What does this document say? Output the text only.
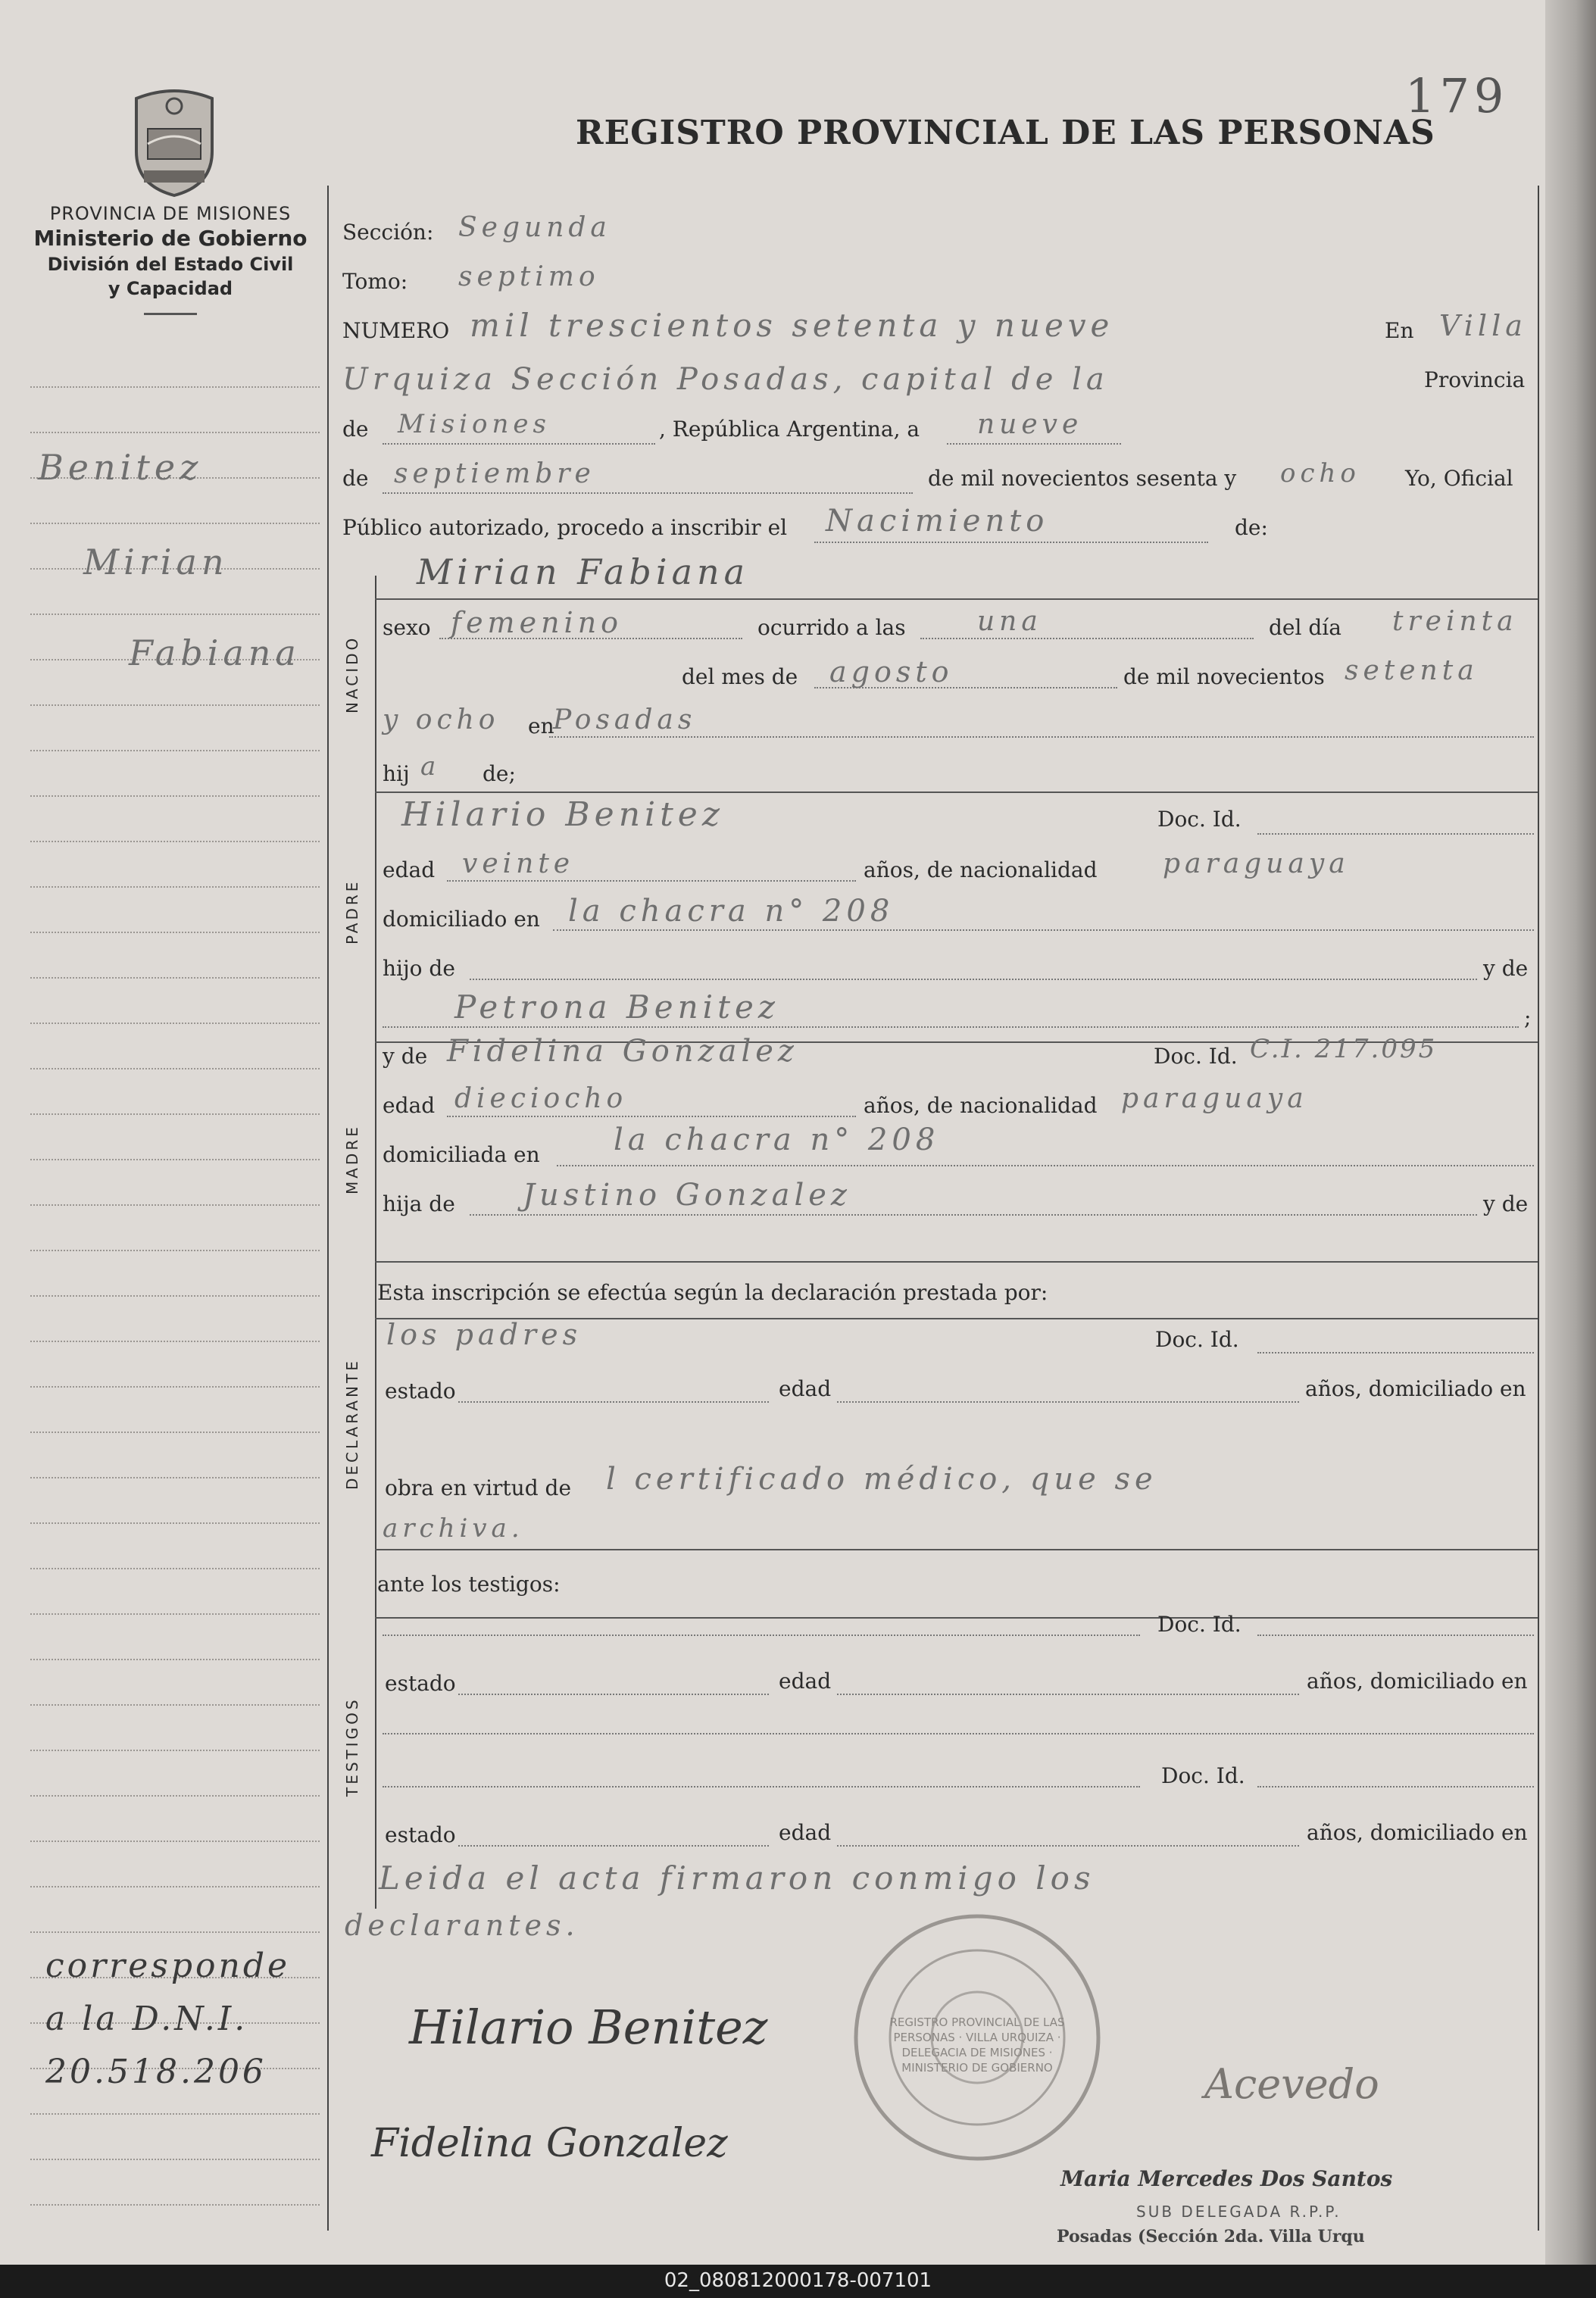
179
REGISTRO PROVINCIAL DE LAS PERSONAS
PROVINCIA DE MISIONES
Ministerio de Gobierno
División del Estado Civil
y Capacidad
Benitez
Mirian
Fabiana
corresponde
a la D.N.I.
20.518.206
Sección: Segunda
Tomo: septimo
NUMERO mil trescientos setenta y nueve	En Villa
Urquiza Sección Posadas, capital de la	Provincia
de Misiones	, República Argentina, a nueve
de septiembre	de mil novecientos sesenta y ocho Yo, Oficial
Público autorizado, procedo a inscribir el Nacimiento	de:
Mirian Fabiana
NACIDO
sexo femenino	ocurrido a las	una	del día treinta
del mes de agosto	de mil novecientos setenta
y ocho en
Posadas
hij a de;
PADRE
Hilario Benitez	Doc. Id.
edad veinte	años, de nacionalidad paraguaya
domiciliado en la chacra n° 208
hijo de	y de
Petrona Benitez	;
MADRE
y de Fidelina Gonzalez	Doc. Id. C.I. 217.095
edad dieciocho	años, de nacionalidad paraguaya
domiciliada en la chacra n° 208
hija de Justino Gonzalez	y de
Esta inscripción se efectúa según la declaración prestada por:
DECLARANTE
los padres	Doc. Id.
estado	edad	años, domiciliado en
obra en virtud de l certificado médico, que se
archiva.
ante los testigos:
TESTIGOS
Doc. Id.
estado	edad	años, domiciliado en
Doc. Id.
estado	edad	años, domiciliado en
Leida el acta firmaron conmigo los
declarantes.
REGISTRO PROVINCIAL DE LAS PERSONAS · VILLA URQUIZA · DELEGACIA DE MISIONES · MINISTERIO DE GOBIERNO
Hilario Benitez
Fidelina Gonzalez
Acevedo
Maria Mercedes Dos Santos
SUB DELEGADA R.P.P.
Posadas (Sección 2da. Villa Urqu
02_080812000178-007101
